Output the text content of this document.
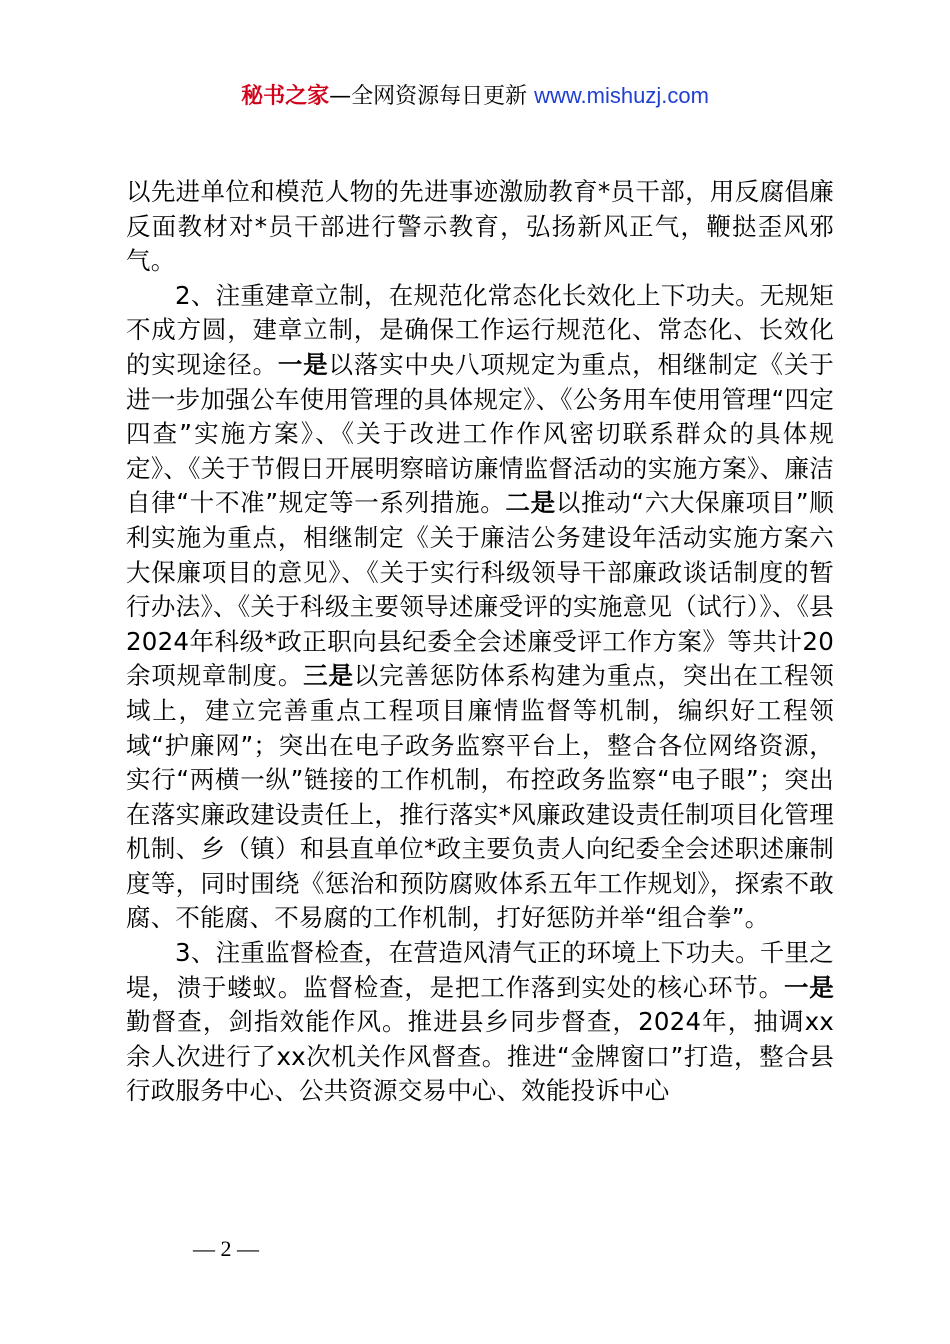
秘书之家—全网资源每日更新 www.mishuzj.com

以先进单位和模范人物的先进事迹激励教育*员干部，用反腐倡廉反面教材对*员干部进行警示教育，弘扬新风正气，鞭挞歪风邪气。

2、注重建章立制，在规范化常态化长效化上下功夫。无规矩不成方圆，建章立制，是确保工作运行规范化、常态化、长效化的实现途径。一是以落实中央八项规定为重点，相继制定《关于进一步加强公车使用管理的具体规定》、《公务用车使用管理“四定四查”实施方案》、《关于改进工作作风密切联系群众的具体规定》、《关于节假日开展明察暗访廉情监督活动的实施方案》、廉洁自律“十不准”规定等一系列措施。二是以推动“六大保廉项目”顺利实施为重点，相继制定《关于廉洁公务建设年活动实施方案六大保廉项目的意见》、《关于实行科级领导干部廉政谈话制度的暂行办法》、《关于科级主要领导述廉受评的实施意见（试行）》、《县2024年科级*政正职向县纪委全会述廉受评工作方案》等共计20余项规章制度。三是以完善惩防体系构建为重点，突出在工程领域上，建立完善重点工程项目廉情监督等机制，编织好工程领域“护廉网”；突出在电子政务监察平台上，整合各位网络资源，实行“两横一纵”链接的工作机制，布控政务监察“电子眼”；突出在落实廉政建设责任上，推行落实*风廉政建设责任制项目化管理机制、乡（镇）和县直单位*政主要负责人向纪委全会述职述廉制度等，同时围绕《惩治和预防腐败体系五年工作规划》，探索不敢腐、不能腐、不易腐的工作机制，打好惩防并举“组合拳”。

3、注重监督检查，在营造风清气正的环境上下功夫。千里之堤，溃于蝼蚁。监督检查，是把工作落到实处的核心环节。一是勤督查，剑指效能作风。推进县乡同步督查，2024年，抽调xx余人次进行了xx次机关作风督查。推进“金牌窗口”打造，整合县行政服务中心、公共资源交易中心、效能投诉中心

— 2 —
